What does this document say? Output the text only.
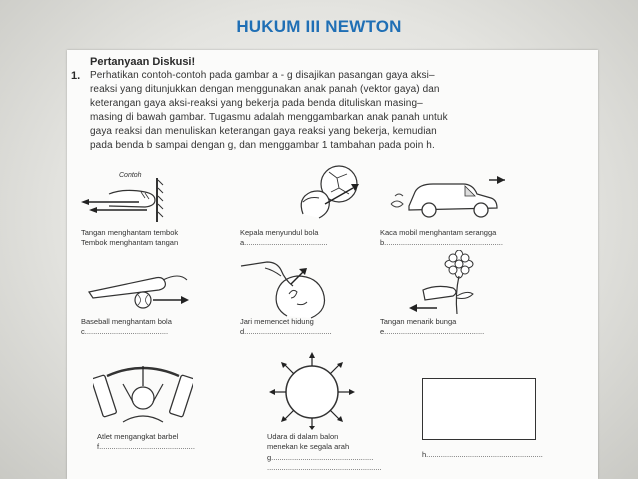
HUKUM III NEWTON
Pertanyaan Diskusi!
1. Perhatikan contoh-contoh pada gambar a - g disajikan pasangan gaya aksi–
reaksi yang ditunjukkan dengan menggunakan anak panah (vektor gaya) dan
keterangan gaya aksi-reaksi yang bekerja pada benda dituliskan masing–
masing di bawah gambar. Tugasmu adalah menggambarkan anak panah untuk
gaya reaksi dan menuliskan keterangan gaya reaksi yang bekerja, kemudian
pada benda b sampai dengan g, dan menggambar 1 tambahan pada poin h.
Contoh
Tangan menghantam tembok
Tembok menghantam tangan
Kepala menyundul bola
a........................................
Kaca mobil menghantam serangga
b.........................................................
Baseball menghantam bola
c........................................
Jari memencet hidung
d..........................................
Tangan menarik bunga
e................................................
Atlet mengangkat barbel
f..............................................
Udara di dalam balon
menekan ke segala arah
g.................................................
.......................................................
h........................................................
